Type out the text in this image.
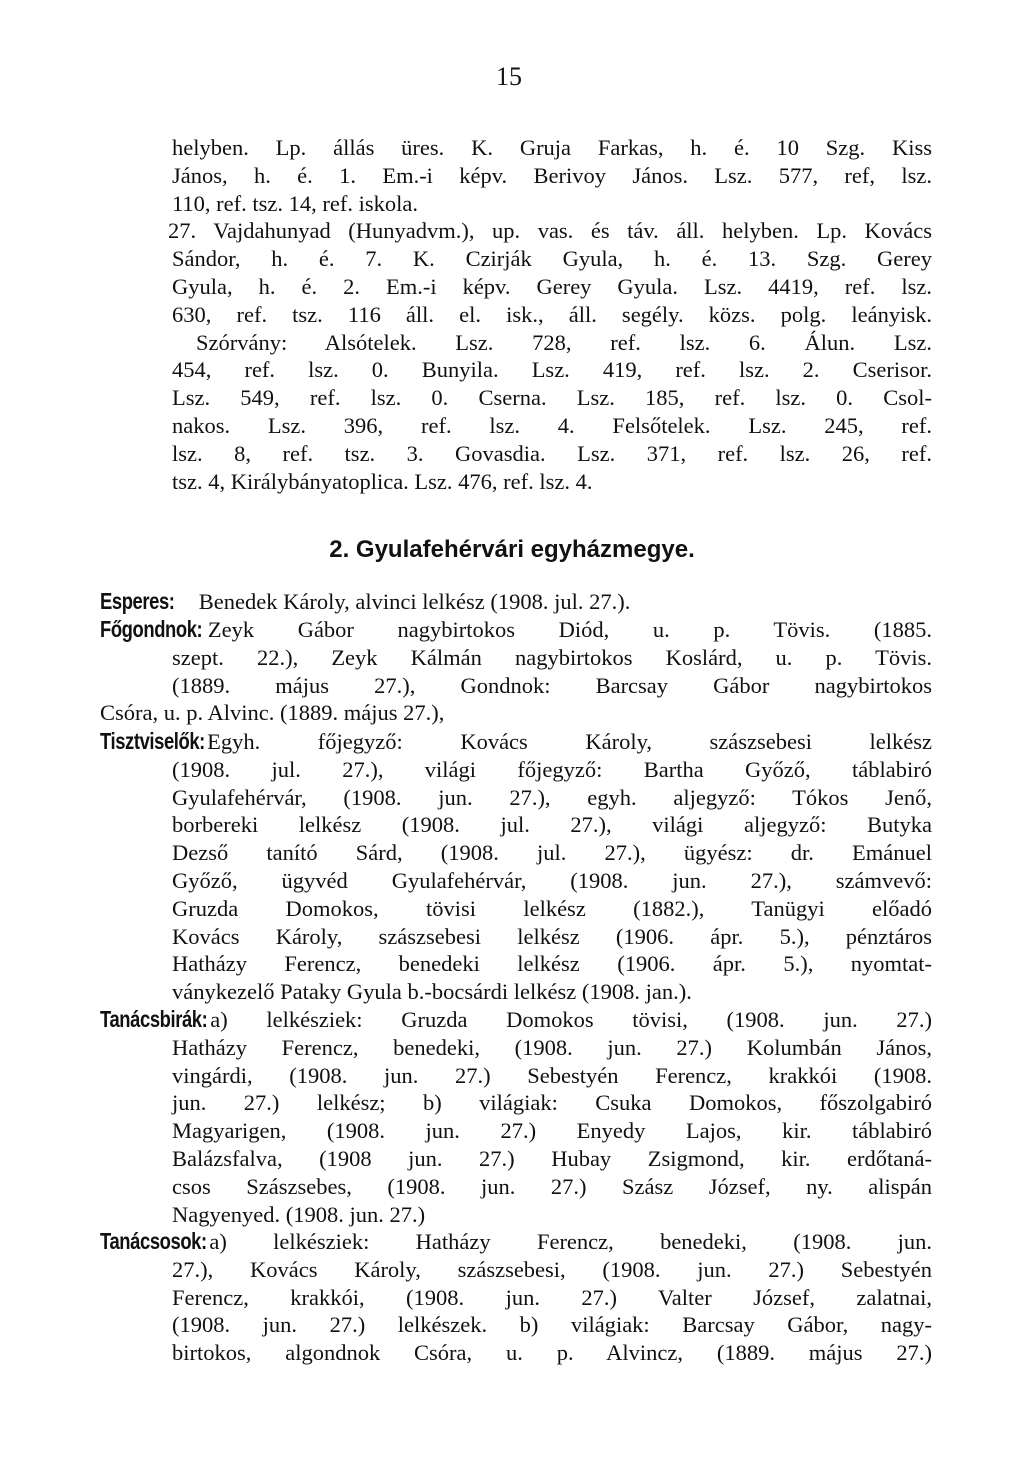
15
helyben. Lp. állás üres. K. Gruja Farkas, h. é. 10 Szg. Kiss
János, h. é. 1. Em.-i képv. Berivoy János. Lsz. 577, ref, lsz.
110, ref. tsz. 14, ref. iskola.
27. Vajdahunyad (Hunyadvm.), up. vas. és táv. áll. helyben. Lp. Kovács
Sándor, h. é. 7. K. Czirják Gyula, h. é. 13. Szg. Gerey
Gyula, h. é. 2. Em.-i képv. Gerey Gyula. Lsz. 4419, ref. lsz.
630, ref. tsz. 116 áll. el. isk., áll. segély. közs. polg. leányisk.
Szórvány: Alsótelek. Lsz. 728, ref. lsz. 6. Álun. Lsz.
454, ref. lsz. 0. Bunyila. Lsz. 419, ref. lsz. 2. Cserisor.
Lsz. 549, ref. lsz. 0. Cserna. Lsz. 185, ref. lsz. 0. Csol-
nakos. Lsz. 396, ref. lsz. 4. Felsőtelek. Lsz. 245, ref.
lsz. 8, ref. tsz. 3. Govasdia. Lsz. 371, ref. lsz. 26, ref.
tsz. 4, Királybányatoplica. Lsz. 476, ref. lsz. 4.
2. Gyulafehérvári egyházmegye.
Esperes: Benedek Károly, alvinci lelkész (1908. jul. 27.).
Főgondnok: Zeyk Gábor nagybirtokos Diód, u. p. Tövis. (1885.
szept. 22.), Zeyk Kálmán nagybirtokos Koslárd, u. p. Tövis.
(1889. május 27.), Gondnok: Barcsay Gábor nagybirtokos
Csóra, u. p. Alvinc. (1889. május 27.),
Tisztviselők: Egyh. főjegyző: Kovács Károly, szászsebesi lelkész
(1908. jul. 27.), világi főjegyző: Bartha Győző, táblabiró
Gyulafehérvár, (1908. jun. 27.), egyh. aljegyző: Tókos Jenő,
borbereki lelkész (1908. jul. 27.), világi aljegyző: Butyka
Dezső tanító Sárd, (1908. jul. 27.), ügyész: dr. Emánuel
Győző, ügyvéd Gyulafehérvár, (1908. jun. 27.), számvevő:
Gruzda Domokos, tövisi lelkész (1882.), Tanügyi előadó
Kovács Károly, szászsebesi lelkész (1906. ápr. 5.), pénztáros
Hatházy Ferencz, benedeki lelkész (1906. ápr. 5.), nyomtat-
ványkezelő Pataky Gyula b.-bocsárdi lelkész (1908. jan.).
Tanácsbirák: a) lelkésziek: Gruzda Domokos tövisi, (1908. jun. 27.)
Hatházy Ferencz, benedeki, (1908. jun. 27.) Kolumbán János,
vingárdi, (1908. jun. 27.) Sebestyén Ferencz, krakkói (1908.
jun. 27.) lelkész; b) világiak: Csuka Domokos, főszolgabiró
Magyarigen, (1908. jun. 27.) Enyedy Lajos, kir. táblabiró
Balázsfalva, (1908 jun. 27.) Hubay Zsigmond, kir. erdőtaná-
csos Szászsebes, (1908. jun. 27.) Szász József, ny. alispán
Nagyenyed. (1908. jun. 27.)
Tanácsosok: a) lelkésziek: Hatházy Ferencz, benedeki, (1908. jun.
27.), Kovács Károly, szászsebesi, (1908. jun. 27.) Sebestyén
Ferencz, krakkói, (1908. jun. 27.) Valter József, zalatnai,
(1908. jun. 27.) lelkészek. b) világiak: Barcsay Gábor, nagy-
birtokos, algondnok Csóra, u. p. Alvincz, (1889. május 27.)
